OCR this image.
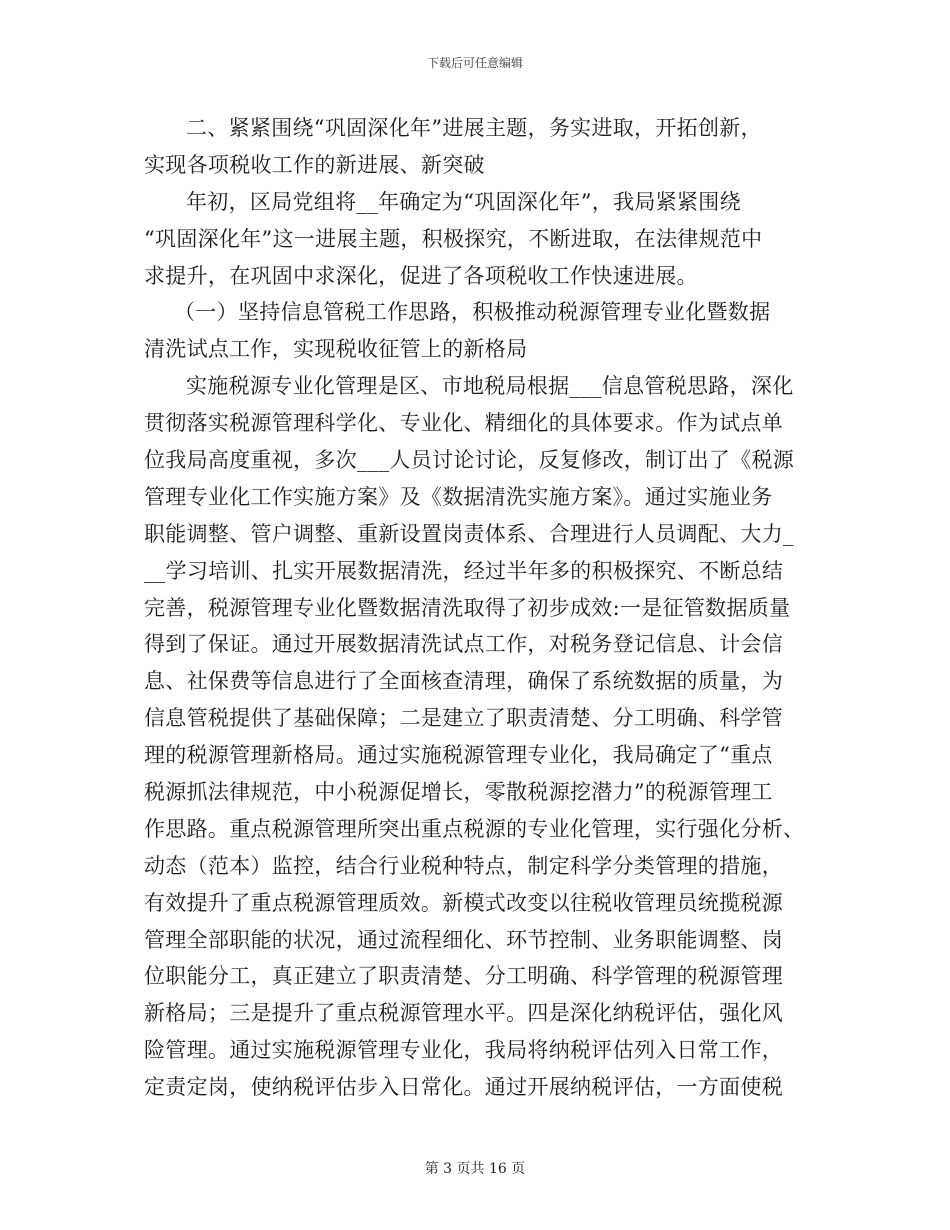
下载后可任意编辑
二、紧紧围绕“巩固深化年”进展主题，务实进取，开拓创新，
实现各项税收工作的新进展、新突破
年初，区局党组将__年确定为“巩固深化年”，我局紧紧围绕
“巩固深化年”这一进展主题，积极探究，不断进取，在法律规范中
求提升，在巩固中求深化，促进了各项税收工作快速进展。
（一）坚持信息管税工作思路，积极推动税源管理专业化暨数据
清洗试点工作，实现税收征管上的新格局
实施税源专业化管理是区、市地税局根据___信息管税思路，深化
贯彻落实税源管理科学化、专业化、精细化的具体要求。作为试点单
位我局高度重视，多次___人员讨论讨论，反复修改，制订出了《税源
管理专业化工作实施方案》及《数据清洗实施方案》。通过实施业务
职能调整、管户调整、重新设置岗责体系、合理进行人员调配、大力_
__学习培训、扎实开展数据清洗，经过半年多的积极探究、不断总结
完善，税源管理专业化暨数据清洗取得了初步成效:一是征管数据质量
得到了保证。通过开展数据清洗试点工作，对税务登记信息、计会信
息、社保费等信息进行了全面核查清理，确保了系统数据的质量，为
信息管税提供了基础保障；二是建立了职责清楚、分工明确、科学管
理的税源管理新格局。通过实施税源管理专业化，我局确定了“重点
税源抓法律规范，中小税源促增长，零散税源挖潜力”的税源管理工
作思路。重点税源管理所突出重点税源的专业化管理，实行强化分析、
动态（范本）监控，结合行业税种特点，制定科学分类管理的措施，
有效提升了重点税源管理质效。新模式改变以往税收管理员统揽税源
管理全部职能的状况，通过流程细化、环节控制、业务职能调整、岗
位职能分工，真正建立了职责清楚、分工明确、科学管理的税源管理
新格局；三是提升了重点税源管理水平。四是深化纳税评估，强化风
险管理。通过实施税源管理专业化，我局将纳税评估列入日常工作，
定责定岗，使纳税评估步入日常化。通过开展纳税评估，一方面使税
第 3 页共 16 页
